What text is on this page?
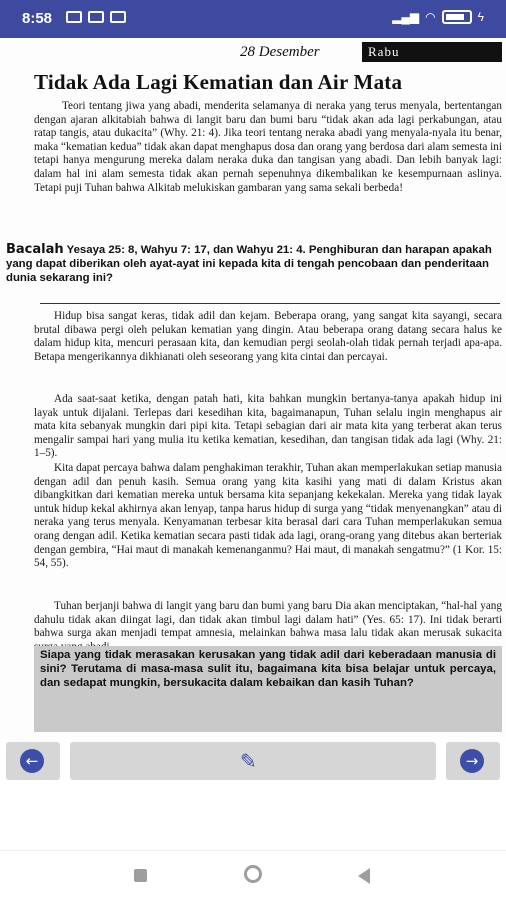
8:58	▂▄▆ ◠	ϟ
28 Desember	Rabu
Tidak Ada Lagi Kematian dan Air Mata
Teori tentang jiwa yang abadi, menderita selamanya di neraka yang terus menyala, bertentangan dengan ajaran alkitabiah bahwa di langit baru dan bumi baru “tidak akan ada lagi perkabungan, atau ratap tangis, atau dukacita” (Why. 21: 4). Jika teori tentang neraka abadi yang menyala-nyala itu benar, maka “kematian kedua” tidak akan dapat menghapus dosa dan orang yang berdosa dari alam semesta ini tetapi hanya mengurung mereka dalam neraka duka dan tangisan yang abadi. Dan lebih banyak lagi: dalam hal ini alam semesta tidak akan pernah sepenuhnya dikembalikan ke kesempurnaan aslinya. Tetapi puji Tuhan bahwa Alkitab melukiskan gambaran yang sama sekali berbeda!
Bacalah Yesaya 25: 8, Wahyu 7: 17, dan Wahyu 21: 4. Penghiburan dan harapan apakah yang dapat diberikan oleh ayat-ayat ini kepada kita di tengah pencobaan dan penderitaan dunia sekarang ini?
Hidup bisa sangat keras, tidak adil dan kejam. Beberapa orang, yang sangat kita sayangi, secara brutal dibawa pergi oleh pelukan kematian yang dingin. Atau beberapa orang datang secara halus ke dalam hidup kita, mencuri perasaan kita, dan kemudian pergi seolah-olah tidak pernah terjadi apa-apa. Betapa mengerikannya dikhianati oleh seseorang yang kita cintai dan percayai.
Ada saat-saat ketika, dengan patah hati, kita bahkan mungkin bertanya-tanya apakah hidup ini layak untuk dijalani. Terlepas dari kesedihan kita, bagaimanapun, Tuhan selalu ingin menghapus air mata kita sebanyak mungkin dari pipi kita. Tetapi sebagian dari air mata kita yang terberat akan terus mengalir sampai hari yang mulia itu ketika kematian, kesedihan, dan tangisan tidak ada lagi (Why. 21: 1–5).
Kita dapat percaya bahwa dalam penghakiman terakhir, Tuhan akan memperlakukan setiap manusia dengan adil dan penuh kasih. Semua orang yang kita kasihi yang mati di dalam Kristus akan dibangkitkan dari kematian mereka untuk bersama kita sepanjang kekekalan. Mereka yang tidak layak untuk hidup kekal akhirnya akan lenyap, tanpa harus hidup di surga yang “tidak menyenangkan” atau di neraka yang terus menyala. Kenyamanan terbesar kita berasal dari cara Tuhan memperlakukan semua orang dengan adil. Ketika kematian secara pasti tidak ada lagi, orang-orang yang ditebus akan berteriak dengan gembira, “Hai maut di manakah kemenanganmu? Hai maut, di manakah sengatmu?” (1 Kor. 15: 54, 55).
Tuhan berjanji bahwa di langit yang baru dan bumi yang baru Dia akan menciptakan, “hal-hal yang dahulu tidak akan diingat lagi, dan tidak akan timbul lagi dalam hati” (Yes. 65: 17). Ini tidak berarti bahwa surga akan menjadi tempat amnesia, melainkan bahwa masa lalu tidak akan merusak sukacita
Siapa yang tidak merasakan kerusakan yang tidak adil dari keberadaan manusia di sini? Terutama di masa-masa sulit itu, bagaimana kita bisa belajar untuk percaya, dan sedapat mungkin, bersukacita dalam kebaikan dan kasih Tuhan?
←	✎	→
